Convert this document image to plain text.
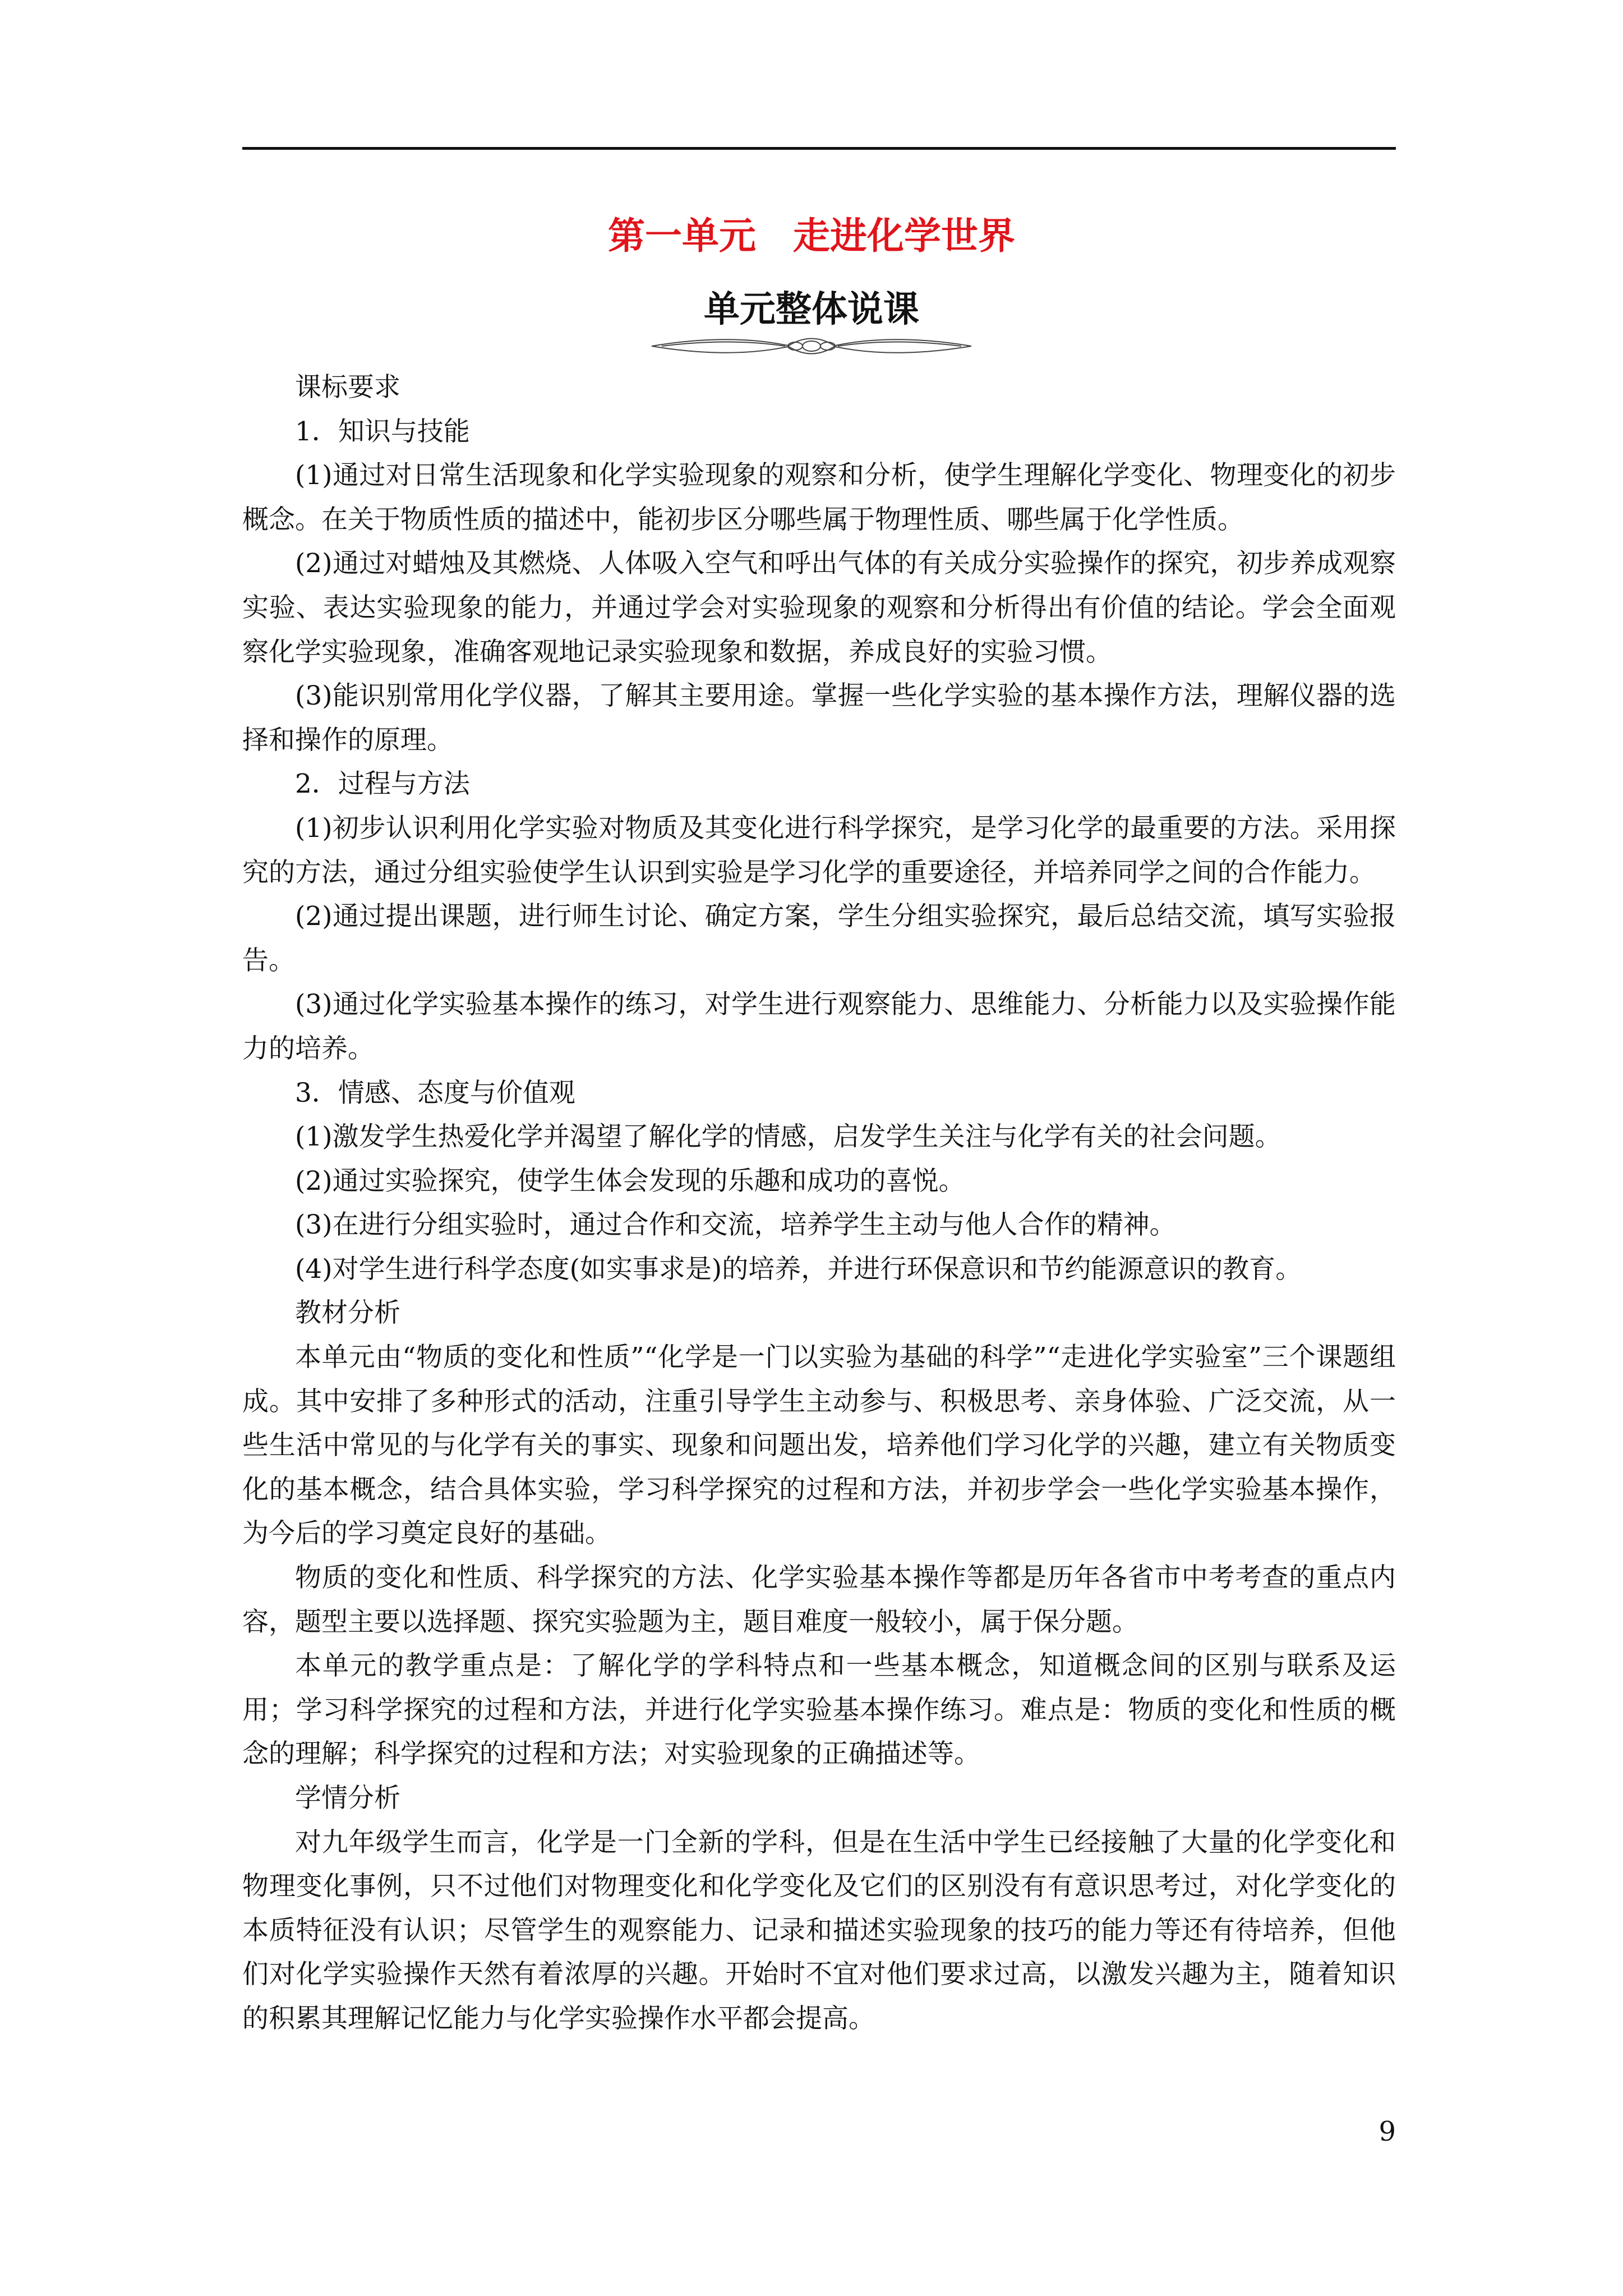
第一单元　走进化学世界
单元整体说课

课标要求

1．知识与技能

(1)通过对日常生活现象和化学实验现象的观察和分析，使学生理解化学变化、物理变化的初步概念。在关于物质性质的描述中，能初步区分哪些属于物理性质、哪些属于化学性质。

(2)通过对蜡烛及其燃烧、人体吸入空气和呼出气体的有关成分实验操作的探究，初步养成观察实验、表达实验现象的能力，并通过学会对实验现象的观察和分析得出有价值的结论。学会全面观察化学实验现象，准确客观地记录实验现象和数据，养成良好的实验习惯。

(3)能识别常用化学仪器，了解其主要用途。掌握一些化学实验的基本操作方法，理解仪器的选择和操作的原理。

2．过程与方法

(1)初步认识利用化学实验对物质及其变化进行科学探究，是学习化学的最重要的方法。采用探究的方法，通过分组实验使学生认识到实验是学习化学的重要途径，并培养同学之间的合作能力。

(2)通过提出课题，进行师生讨论、确定方案，学生分组实验探究，最后总结交流，填写实验报告。

(3)通过化学实验基本操作的练习，对学生进行观察能力、思维能力、分析能力以及实验操作能力的培养。

3．情感、态度与价值观

(1)激发学生热爱化学并渴望了解化学的情感，启发学生关注与化学有关的社会问题。

(2)通过实验探究，使学生体会发现的乐趣和成功的喜悦。

(3)在进行分组实验时，通过合作和交流，培养学生主动与他人合作的精神。

(4)对学生进行科学态度(如实事求是)的培养，并进行环保意识和节约能源意识的教育。

教材分析

本单元由“物质的变化和性质”“化学是一门以实验为基础的科学”“走进化学实验室”三个课题组成。其中安排了多种形式的活动，注重引导学生主动参与、积极思考、亲身体验、广泛交流，从一些生活中常见的与化学有关的事实、现象和问题出发，培养他们学习化学的兴趣，建立有关物质变化的基本概念，结合具体实验，学习科学探究的过程和方法，并初步学会一些化学实验基本操作，为今后的学习奠定良好的基础。

物质的变化和性质、科学探究的方法、化学实验基本操作等都是历年各省市中考考查的重点内容，题型主要以选择题、探究实验题为主，题目难度一般较小，属于保分题。

本单元的教学重点是：了解化学的学科特点和一些基本概念，知道概念间的区别与联系及运用；学习科学探究的过程和方法，并进行化学实验基本操作练习。难点是：物质的变化和性质的概念的理解；科学探究的过程和方法；对实验现象的正确描述等。

学情分析

对九年级学生而言，化学是一门全新的学科，但是在生活中学生已经接触了大量的化学变化和物理变化事例，只不过他们对物理变化和化学变化及它们的区别没有有意识思考过，对化学变化的本质特征没有认识；尽管学生的观察能力、记录和描述实验现象的技巧的能力等还有待培养，但他们对化学实验操作天然有着浓厚的兴趣。开始时不宜对他们要求过高，以激发兴趣为主，随着知识的积累其理解记忆能力与化学实验操作水平都会提高。

9
